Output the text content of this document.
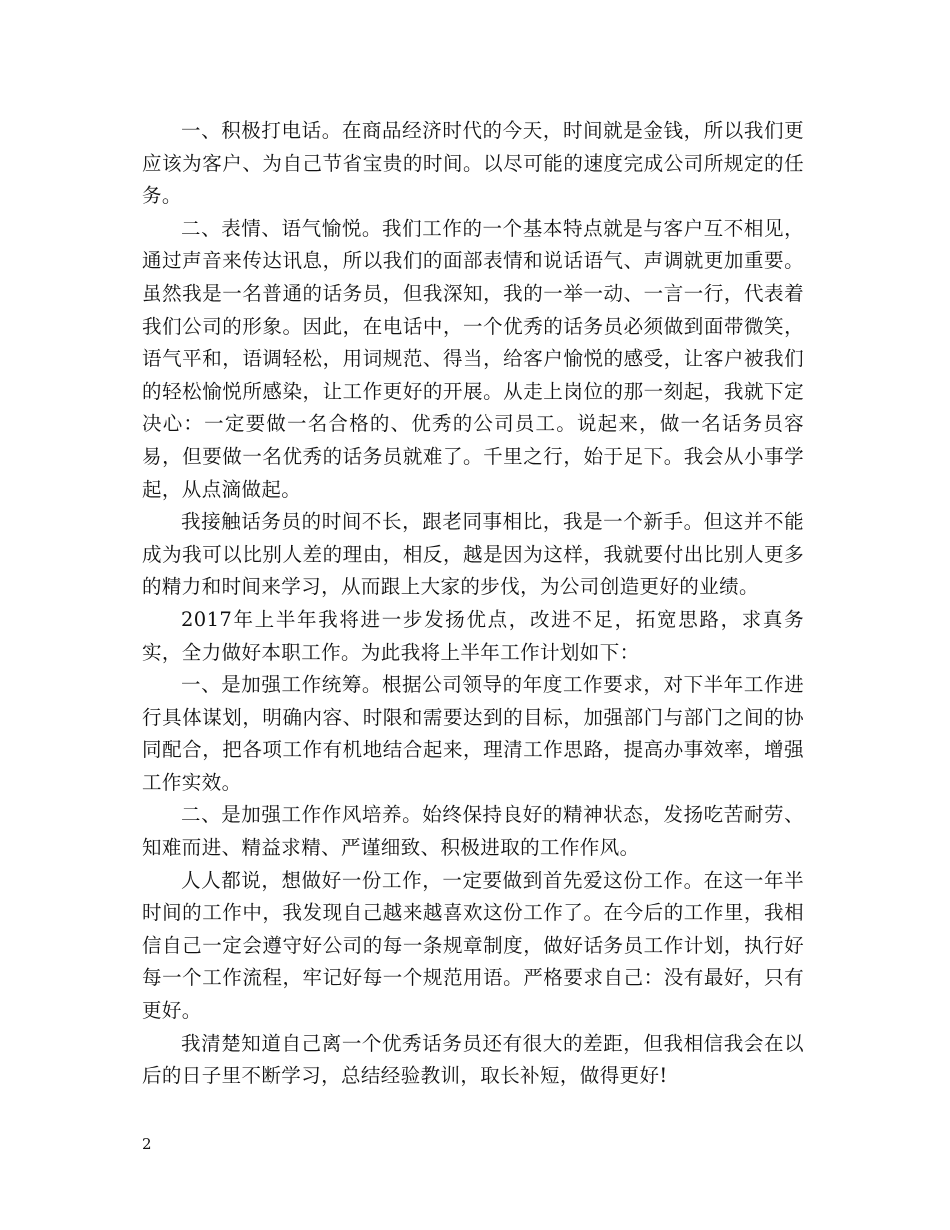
一、积极打电话。在商品经济时代的今天，时间就是金钱，所以我们更应该为客户、为自己节省宝贵的时间。以尽可能的速度完成公司所规定的任务。

二、表情、语气愉悦。我们工作的一个基本特点就是与客户互不相见，通过声音来传达讯息，所以我们的面部表情和说话语气、声调就更加重要。虽然我是一名普通的话务员，但我深知，我的一举一动、一言一行，代表着我们公司的形象。因此，在电话中，一个优秀的话务员必须做到面带微笑，语气平和，语调轻松，用词规范、得当，给客户愉悦的感受，让客户被我们的轻松愉悦所感染，让工作更好的开展。从走上岗位的那一刻起，我就下定决心：一定要做一名合格的、优秀的公司员工。说起来，做一名话务员容易，但要做一名优秀的话务员就难了。千里之行，始于足下。我会从小事学起，从点滴做起。

我接触话务员的时间不长，跟老同事相比，我是一个新手。但这并不能成为我可以比别人差的理由，相反，越是因为这样，我就要付出比别人更多的精力和时间来学习，从而跟上大家的步伐，为公司创造更好的业绩。

2017年上半年我将进一步发扬优点，改进不足，拓宽思路，求真务实，全力做好本职工作。为此我将上半年工作计划如下：

一、是加强工作统筹。根据公司领导的年度工作要求，对下半年工作进行具体谋划，明确内容、时限和需要达到的目标，加强部门与部门之间的协同配合，把各项工作有机地结合起来，理清工作思路，提高办事效率，增强工作实效。

二、是加强工作作风培养。始终保持良好的精神状态，发扬吃苦耐劳、知难而进、精益求精、严谨细致、积极进取的工作作风。

人人都说，想做好一份工作，一定要做到首先爱这份工作。在这一年半时间的工作中，我发现自己越来越喜欢这份工作了。在今后的工作里，我相信自己一定会遵守好公司的每一条规章制度，做好话务员工作计划，执行好每一个工作流程，牢记好每一个规范用语。严格要求自己：没有最好，只有更好。

我清楚知道自己离一个优秀话务员还有很大的差距，但我相信我会在以后的日子里不断学习，总结经验教训，取长补短，做得更好!

2
